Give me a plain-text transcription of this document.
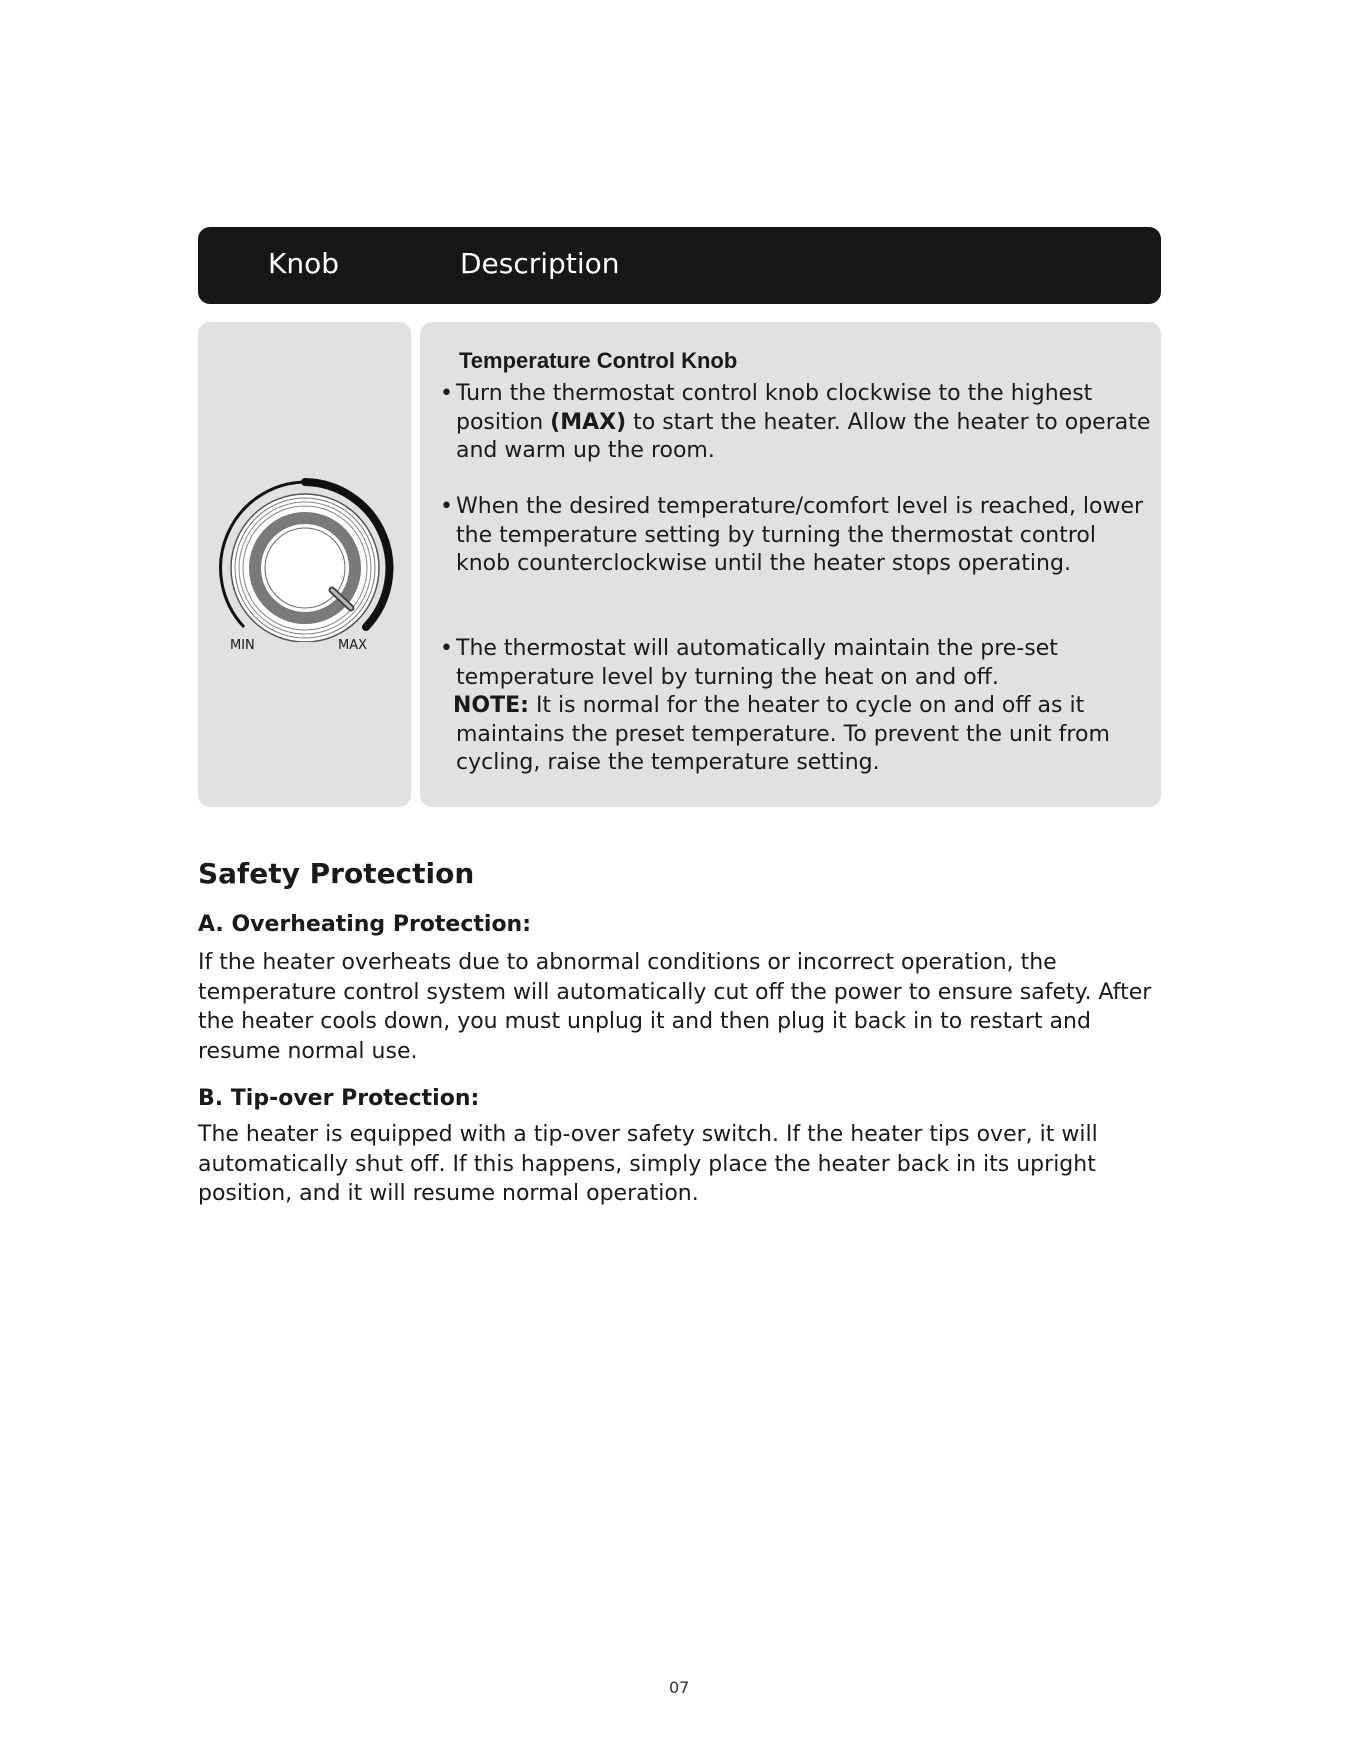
Knob	Description
MIN	MAX
Temperature Control Knob
• Turn the thermostat control knob clockwise to the highest position (MAX) to start the heater. Allow the heater to operate and warm up the room.
• When the desired temperature/comfort level is reached, lower the temperature setting by turning the thermostat control knob counterclockwise until the heater stops operating.
• The thermostat will automatically maintain the pre-set temperature level by turning the heat on and off.
NOTE: It is normal for the heater to cycle on and off as it maintains the preset temperature. To prevent the unit from cycling, raise the temperature setting.
Safety Protection
A. Overheating Protection:
If the heater overheats due to abnormal conditions or incorrect operation, the temperature control system will automatically cut off the power to ensure safety. After the heater cools down, you must unplug it and then plug it back in to restart and resume normal use.
B. Tip-over Protection:
The heater is equipped with a tip-over safety switch. If the heater tips over, it will automatically shut off. If this happens, simply place the heater back in its upright position, and it will resume normal operation.
07
